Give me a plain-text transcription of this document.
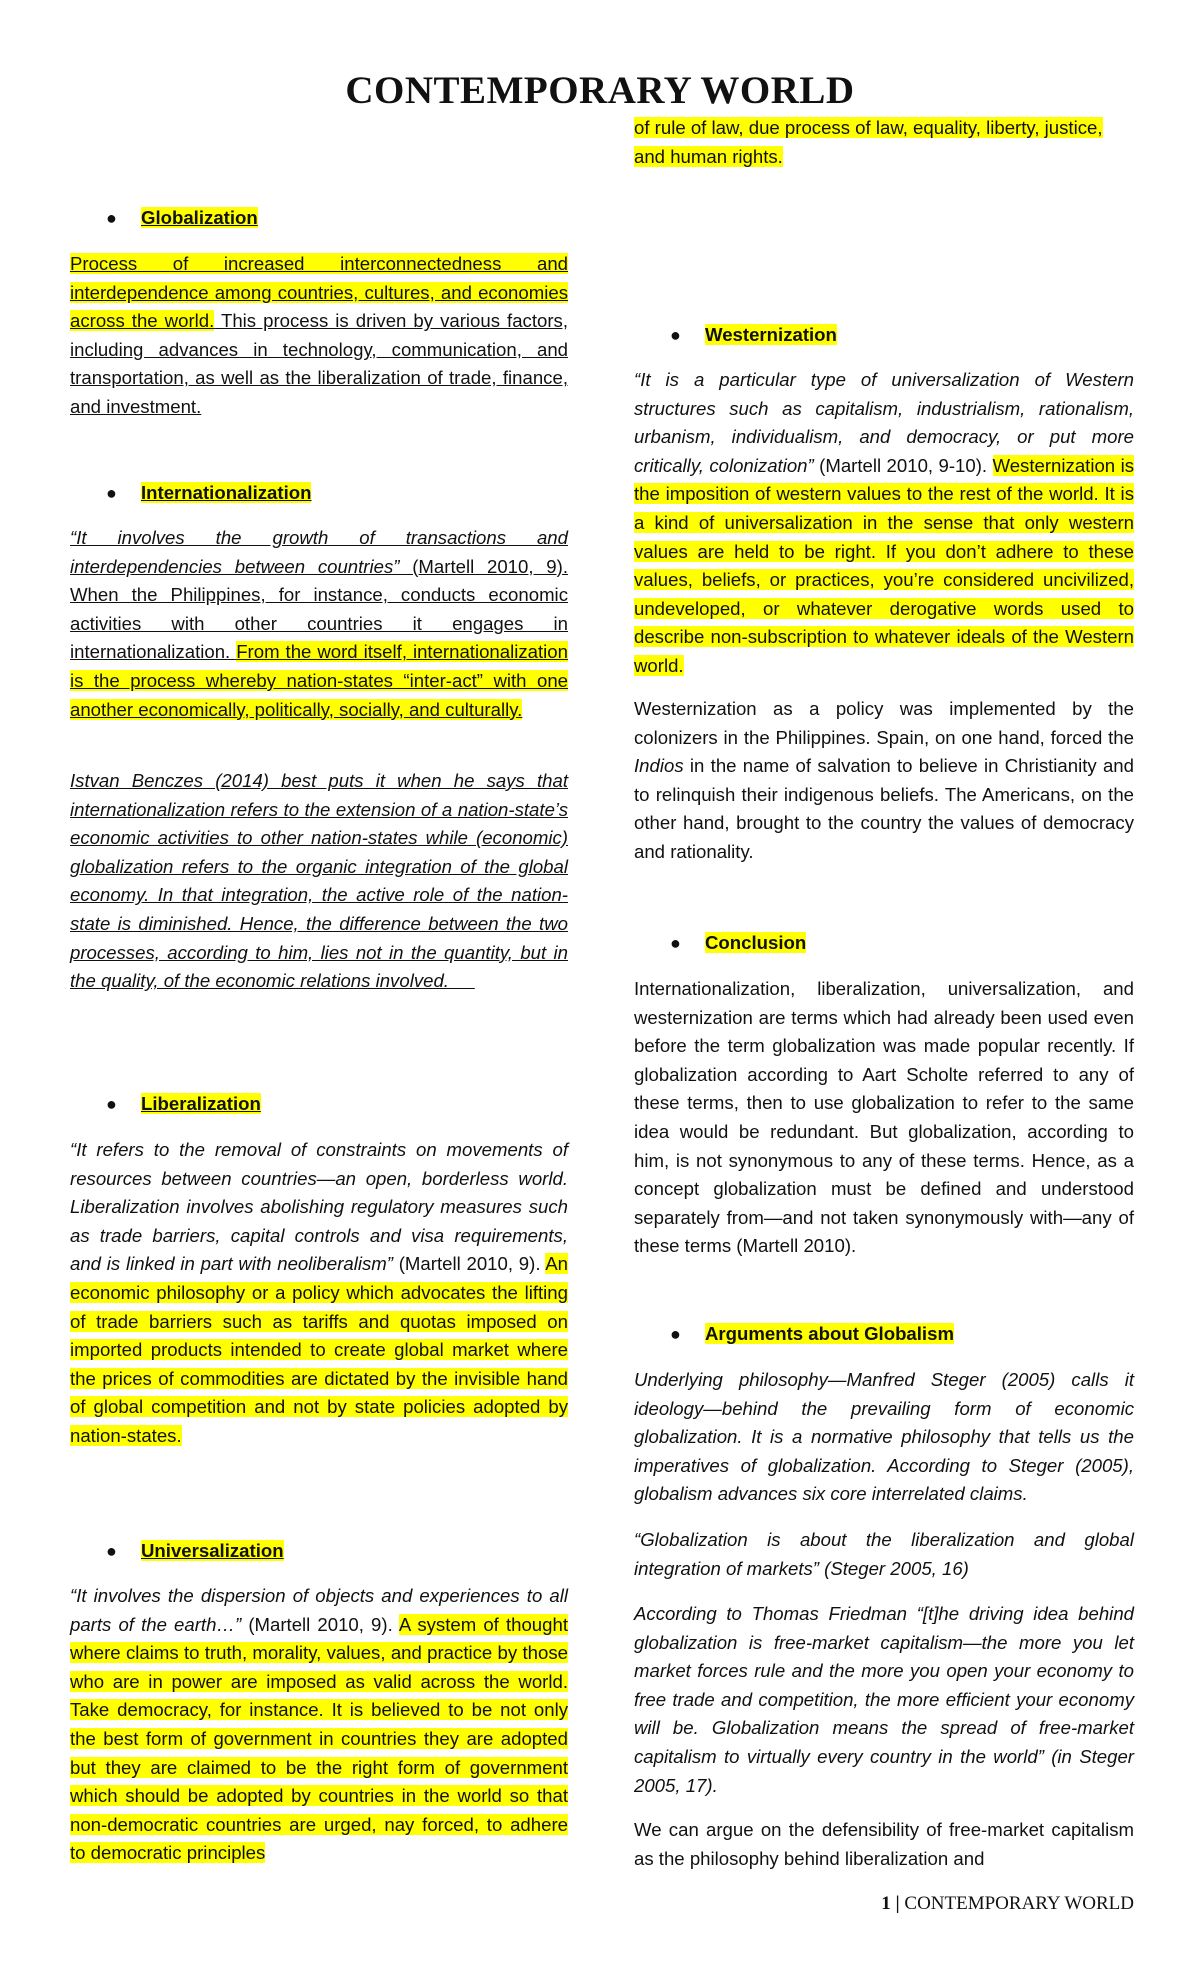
CONTEMPORARY WORLD
● Globalization
Process of increased interconnectedness and interdependence among countries, cultures, and economies across the world. This process is driven by various factors, including advances in technology, communication, and transportation, as well as the liberalization of trade, finance, and investment.
● Internationalization
“It involves the growth of transactions and interdependencies between countries” (Martell 2010, 9). When the Philippines, for instance, conducts economic activities with other countries it engages in internationalization. From the word itself, internationalization is the process whereby nation-states “inter-act” with one another economically, politically, socially, and culturally.
Istvan Benczes (2014) best puts it when he says that internationalization refers to the extension of a nation-state’s economic activities to other nation-states while (economic) globalization refers to the organic integration of the global economy. In that integration, the active role of the nation-state is diminished. Hence, the difference between the two processes, according to him, lies not in the quantity, but in the quality, of the economic relations involved.
● Liberalization
“It refers to the removal of constraints on movements of resources between countries—an open, borderless world. Liberalization involves abolishing regulatory measures such as trade barriers, capital controls and visa requirements, and is linked in part with neoliberalism” (Martell 2010, 9). An economic philosophy or a policy which advocates the lifting of trade barriers such as tariffs and quotas imposed on imported products intended to create global market where the prices of commodities are dictated by the invisible hand of global competition and not by state policies adopted by nation-states.
● Universalization
“It involves the dispersion of objects and experiences to all parts of the earth…” (Martell 2010, 9). A system of thought where claims to truth, morality, values, and practice by those who are in power are imposed as valid across the world. Take democracy, for instance. It is believed to be not only the best form of government in countries they are adopted but they are claimed to be the right form of government which should be adopted by countries in the world so that non-democratic countries are urged, nay forced, to adhere to democratic principles
of rule of law, due process of law, equality, liberty, justice, and human rights.
● Westernization
“It is a particular type of universalization of Western structures such as capitalism, industrialism, rationalism, urbanism, individualism, and democracy, or put more critically, colonization” (Martell 2010, 9-10). Westernization is the imposition of western values to the rest of the world. It is a kind of universalization in the sense that only western values are held to be right. If you don’t adhere to these values, beliefs, or practices, you’re considered uncivilized, undeveloped, or whatever derogative words used to describe non-subscription to whatever ideals of the Western world.
Westernization as a policy was implemented by the colonizers in the Philippines. Spain, on one hand, forced the Indios in the name of salvation to believe in Christianity and to relinquish their indigenous beliefs. The Americans, on the other hand, brought to the country the values of democracy and rationality.
● Conclusion
Internationalization, liberalization, universalization, and westernization are terms which had already been used even before the term globalization was made popular recently. If globalization according to Aart Scholte referred to any of these terms, then to use globalization to refer to the same idea would be redundant. But globalization, according to him, is not synonymous to any of these terms. Hence, as a concept globalization must be defined and understood separately from—and not taken synonymously with—any of these terms (Martell 2010).
● Arguments about Globalism
Underlying philosophy—Manfred Steger (2005) calls it ideology—behind the prevailing form of economic globalization. It is a normative philosophy that tells us the imperatives of globalization. According to Steger (2005), globalism advances six core interrelated claims.
“Globalization is about the liberalization and global integration of markets” (Steger 2005, 16)
According to Thomas Friedman “[t]he driving idea behind globalization is free-market capitalism—the more you let market forces rule and the more you open your economy to free trade and competition, the more efficient your economy will be. Globalization means the spread of free-market capitalism to virtually every country in the world” (in Steger 2005, 17).
We can argue on the defensibility of free-market capitalism as the philosophy behind liberalization and
1 | CONTEMPORARY WORLD
